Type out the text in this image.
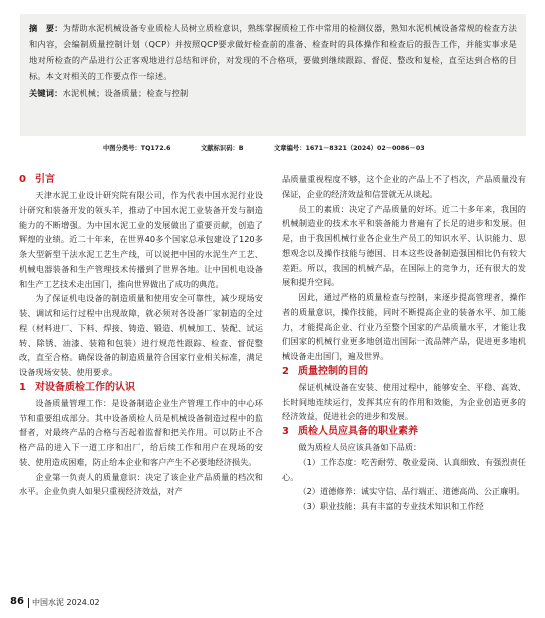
摘　要：为帮助水泥机械设备专业质检人员树立质检意识，熟练掌握质检工作中常用的检测仪器，熟知水泥机械设备常规的检查方法和内容，会编制质量控制计划（QCP）并按照QCP要求做好检查前的准备、检查时的具体操作和检查后的报告工作，并能实事求是地对所检查的产品进行公正客观地进行总结和评价，对发现的不合格项，要做到继续跟踪、督促、整改和复检，直至达到合格的目标。本文对相关的工作要点作一综述。

关键词：水泥机械；设备质量；检查与控制

中图分类号：TQ172.6	文献标识码：B	文章编号：1671－8321（2024）02－0086－03
0 引言

天津水泥工业设计研究院有限公司，作为代表中国水泥行业设计研究和装备开发的领头羊，推动了中国水泥工业装备开发与制造能力的不断增强。为中国水泥工业的发展做出了重要贡献，创造了辉煌的业绩。近二十年来，在世界40多个国家总承包建设了120多条大型新型干法水泥工艺生产线，可以说把中国的水泥生产工艺、机械电器装备和生产管理技术传播到了世界各地。让中国机电设备和生产工艺技术走出国门，推向世界做出了成功的典范。

为了保证机电设备的制造质量和使用安全可靠性，减少现场安装、调试和运行过程中出现故障，就必须对各设备厂家制造的全过程（材料进厂、下料、焊接、铸造、锻造、机械加工、装配、试运转、除锈、油漆、装箱和包装）进行规范性跟踪、检查、督促整改，直至合格。确保设备的制造质量符合国家行业相关标准，满足设备现场安装、使用要求。

1 对设备质检工作的认识

设备质量管理工作：是设备制造企业生产管理工作中的中心环节和重要组成部分。其中设备质检人员是机械设备制造过程中的监督者，对最终产品的合格与否起着监督和把关作用。可以防止不合格产品的进入下一道工序和出厂，给后续工作和用户在现场的安装、使用造成困难，防止给本企业和客户产生不必要地经济损失。

企业第一负责人的质量意识：决定了该企业产品质量的档次和水平。企业负责人如果只重视经济效益，对产

品质量重视程度不够，这个企业的产品上不了档次，产品质量没有保证，企业的经济效益和信誉就无从谈起。

员工的素质：决定了产品质量的好坏。近二十多年来，我国的机械制造业的技术水平和装备能力普遍有了长足的进步和发展。但是，由于我国机械行业各企业生产员工的知识水平、认识能力、思想观念以及操作技能与德国、日本这些设备制造强国相比仍有较大差距。所以，我国的机械产品，在国际上的竞争力，还有很大的发展和提升空间。

因此，通过严格的质量检查与控制，来逐步提高管理者，操作者的质量意识，操作技能，同时不断提高企业的装备水平、加工能力，才能提高企业、行业乃至整个国家的产品质量水平，才能让我们国家的机械行业更多地创造出国际一流品牌产品，促进更多地机械设备走出国门，遍及世界。

2 质量控制的目的

保证机械设备在安装、使用过程中，能够安全、平稳、高效、长时间地连续运行，发挥其应有的作用和效能，为企业创造更多的经济效益，促进社会的进步和发展。

3 质检人员应具备的职业素养

做为质检人员应该具备如下品质：

（1）工作态度：吃苦耐劳、敬业爱岗、认真细致、有强烈责任心。

（2）道德修养：诚实守信、品行端正、道德高尚、公正廉明。

（3）职业技能：具有丰富的专业技术知识和工作经

86 中国水泥 2024.02
